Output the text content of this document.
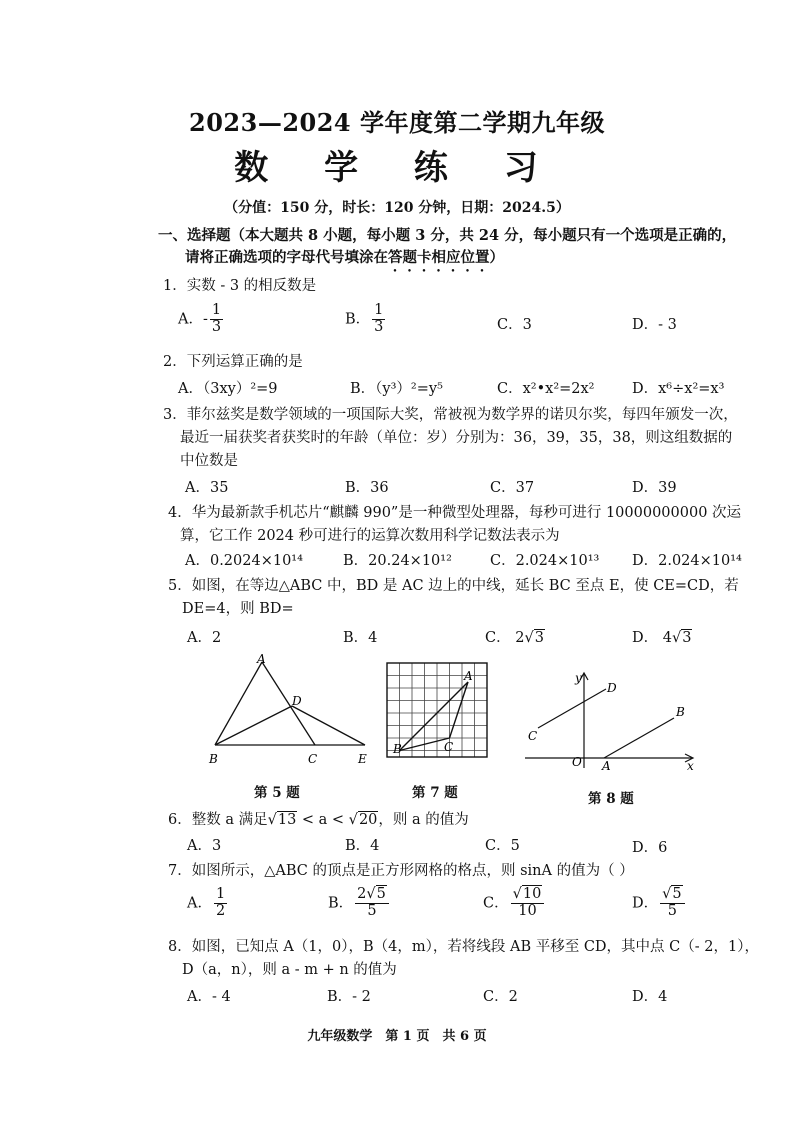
2023—2024 学年度第二学期九年级
数 学 练 习
（分值：150 分，时长：120 分钟，日期：2024.5）
一、选择题（本大题共 8 小题，每小题 3 分，共 24 分，每小题只有一个选项是正确的，
请将正确选项的字母代号填涂在答题卡相应位置）
1．实数 - 3 的相反数是
A．- $\frac{1}{3}$	B． $\frac{1}{3}$	C．3	D．- 3
2．下列运算正确的是
A．（3xy）²=9	B．（y³）²=y⁵	C．x²•x²=2x²	D．x⁶÷x²=x³
3．菲尔兹奖是数学领域的一项国际大奖，常被视为数学界的诺贝尔奖，每四年颁发一次，
最近一届获奖者获奖时的年龄（单位：岁）分别为：36，39，35，38，则这组数据的
中位数是
A．35	B．36	C．37	D．39
4．华为最新款手机芯片“麒麟 990”是一种微型处理器，每秒可进行 10000000000 次运
算，它工作 2024 秒可进行的运算次数用科学记数法表示为
A．0.2024×10¹⁴	B．20.24×10¹²	C．2.024×10¹³ D．2.024×10¹⁴
5．如图，在等边△ABC 中，BD 是 AC 边上的中线，延长 BC 至点 E，使 CE=CD，若
DE=4，则 BD=
A．2	B．4	C． 2√3	D． 4√3
A
D
B	C	E
第 5 题
A
B	C
第 7 题
y
x
O A
B
C
D
第 8 题
6．整数 a 满足√13 < a < √20，则 a 的值为
A．3	B．4	C．5	D．6
7．如图所示，△ABC 的顶点是正方形网格的格点，则 sinA 的值为（ ）
A． $\frac{1}{2}$	B． $\frac{2√5}{5}$	C． $\frac{√10}{10}$	D． $\frac{√5}{5}$
8．如图，已知点 A（1，0），B（4，m），若将线段 AB 平移至 CD，其中点 C（- 2，1），
D（a，n），则 a - m + n 的值为
A．- 4	B．- 2	C．2	D．4
九年级数学　第 1 页　共 6 页
